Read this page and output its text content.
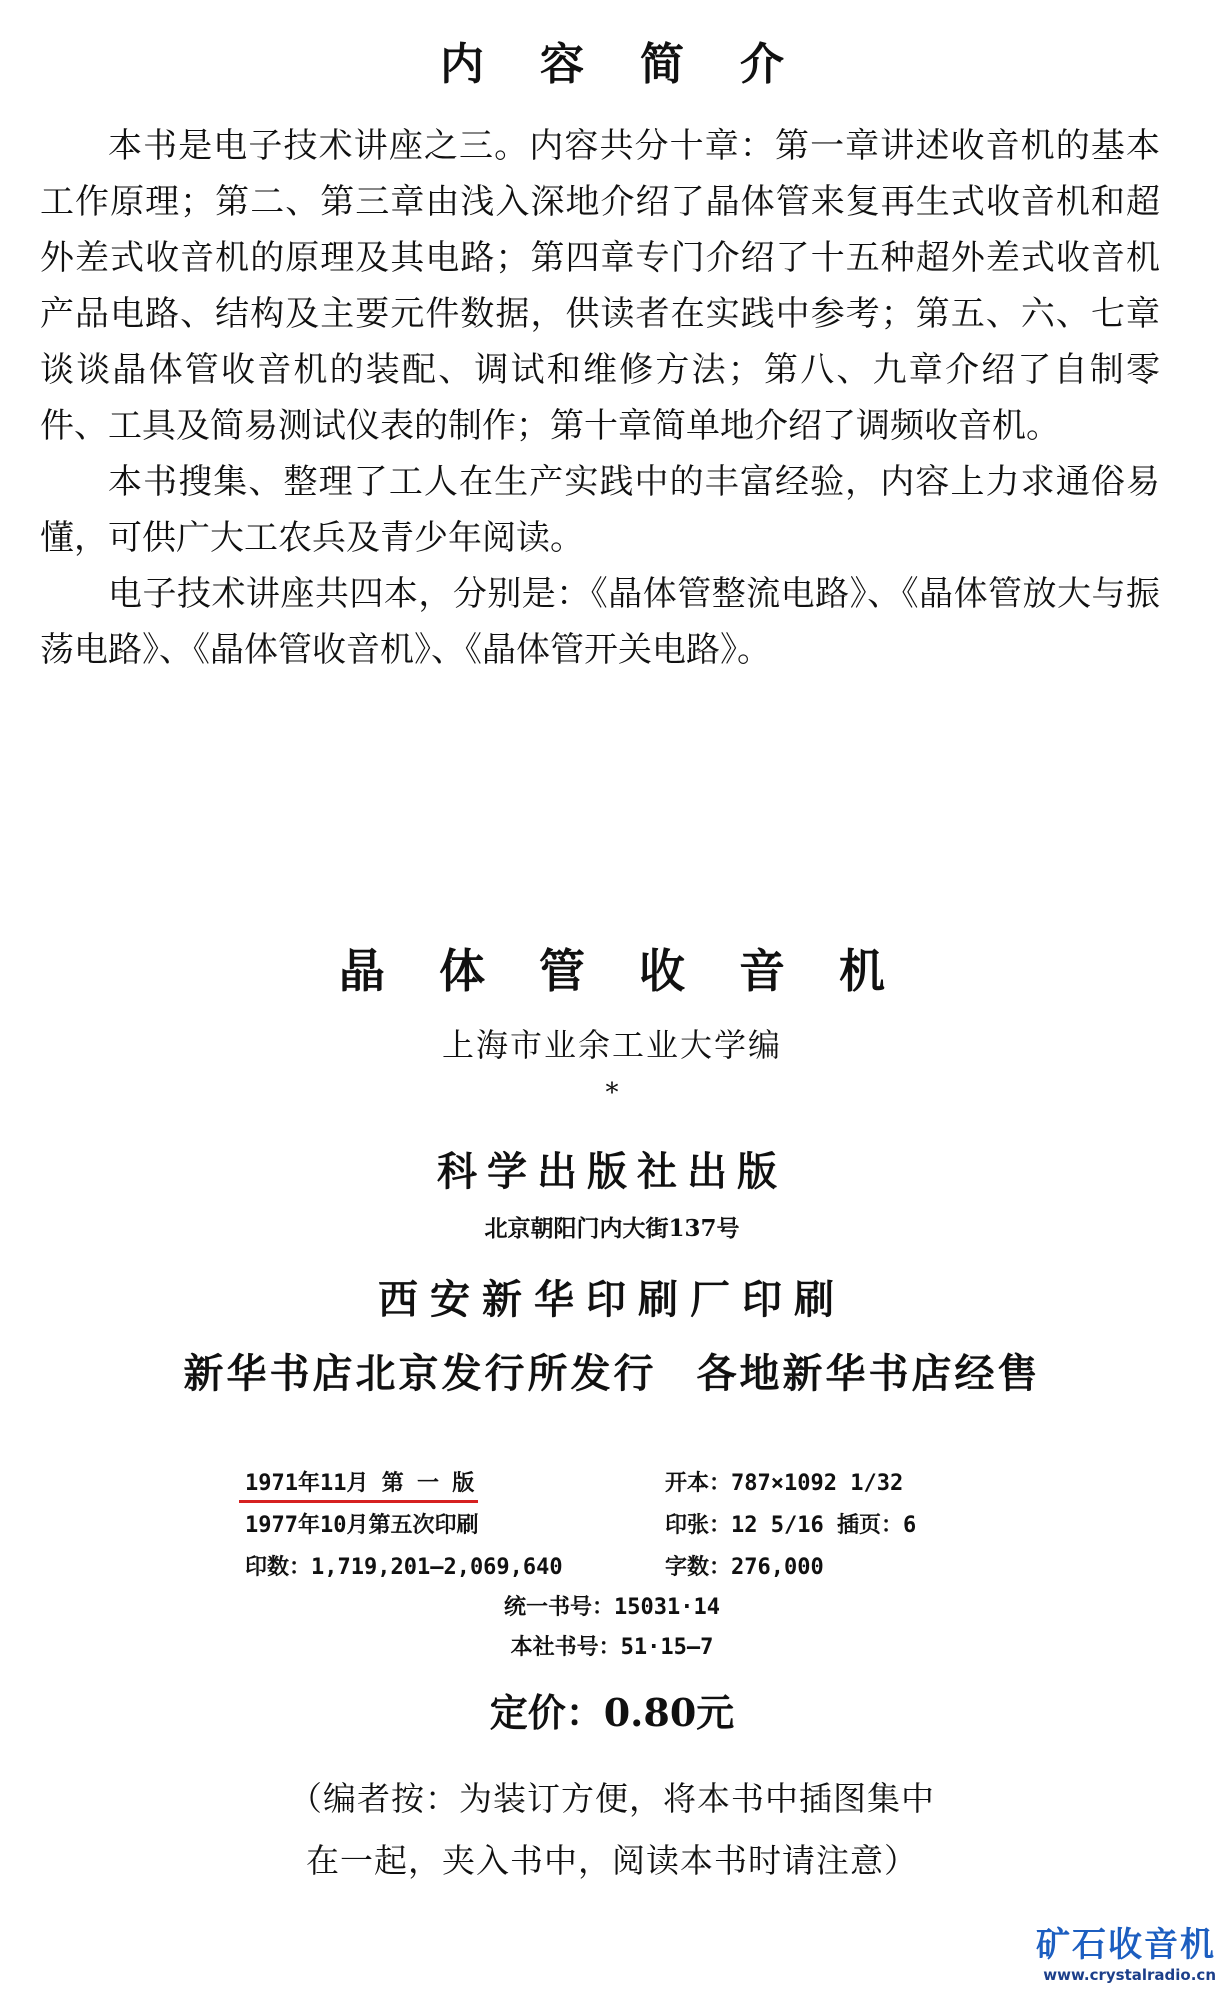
内容简介

本书是电子技术讲座之三。内容共分十章：第一章讲述收音机的基本工作原理；第二、第三章由浅入深地介绍了晶体管来复再生式收音机和超外差式收音机的原理及其电路；第四章专门介绍了十五种超外差式收音机产品电路、结构及主要元件数据，供读者在实践中参考；第五、六、七章谈谈晶体管收音机的装配、调试和维修方法；第八、九章介绍了自制零件、工具及简易测试仪表的制作；第十章简单地介绍了调频收音机。

本书搜集、整理了工人在生产实践中的丰富经验，内容上力求通俗易懂，可供广大工农兵及青少年阅读。

电子技术讲座共四本，分别是：《晶体管整流电路》、《晶体管放大与振荡电路》、《晶体管收音机》、《晶体管开关电路》。

晶体管收音机
上海市业余工业大学编
*
科学出版社出版
北京朝阳门内大街137号
西安新华印刷厂印刷
新华书店北京发行所发行 各地新华书店经售
1971年11月 第 一 版	开本：787×1092 1/32
1977年10月第五次印刷	印张：12 5/16 插页：6
印数：1,719,201—2,069,640	字数：276,000
统一书号：15031·14
本社书号：51·15—7
定价：0.80元
（编者按：为装订方便，将本书中插图集中
在一起，夹入书中，阅读本书时请注意）
矿石收音机
www.crystalradio.cn
